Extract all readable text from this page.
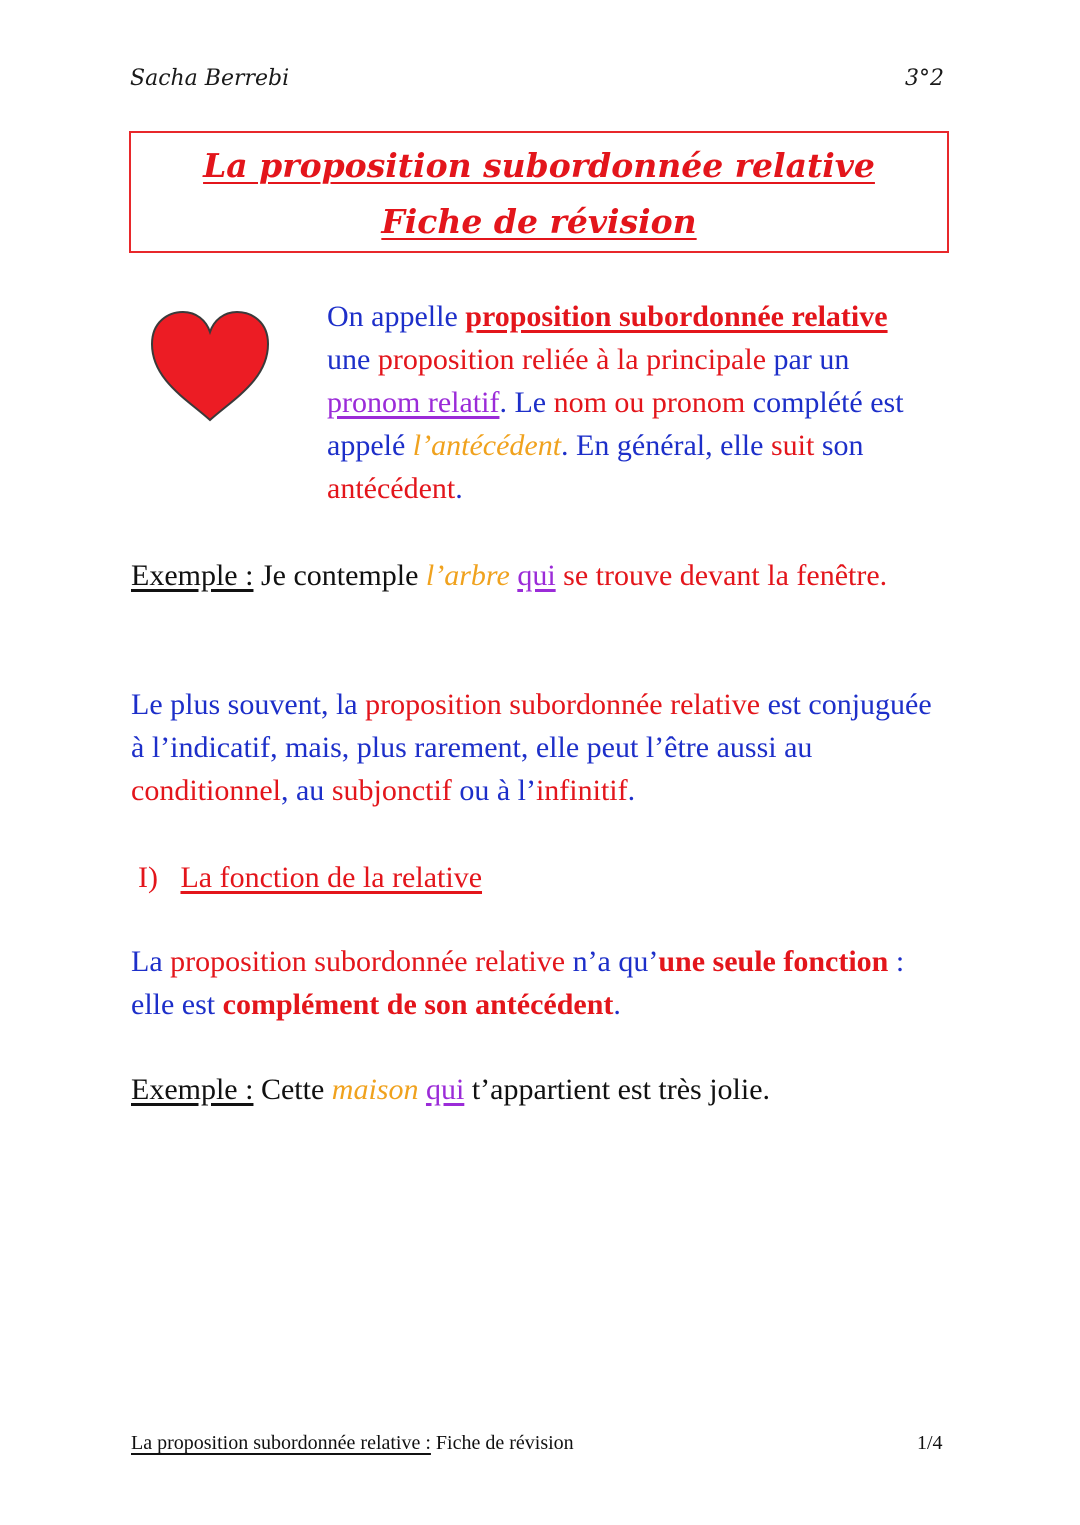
Sacha Berrebi	3°2
La proposition subordonnée relative
Fiche de révision
On appelle proposition subordonnée relative
une proposition reliée à la principale par un pronom relatif. Le nom ou pronom complété est appelé l’antécédent. En général, elle suit son antécédent.
Exemple : Je contemple l’arbre qui se trouve devant la fenêtre.
Le plus souvent, la proposition subordonnée relative est conjuguée à l’indicatif, mais, plus rarement, elle peut l’être aussi au conditionnel, au subjonctif ou à l’infinitif.
I) La fonction de la relative
La proposition subordonnée relative n’a qu’une seule fonction : elle est complément de son antécédent.
Exemple : Cette maison qui t’appartient est très jolie.
La proposition subordonnée relative : Fiche de révision	1/4
